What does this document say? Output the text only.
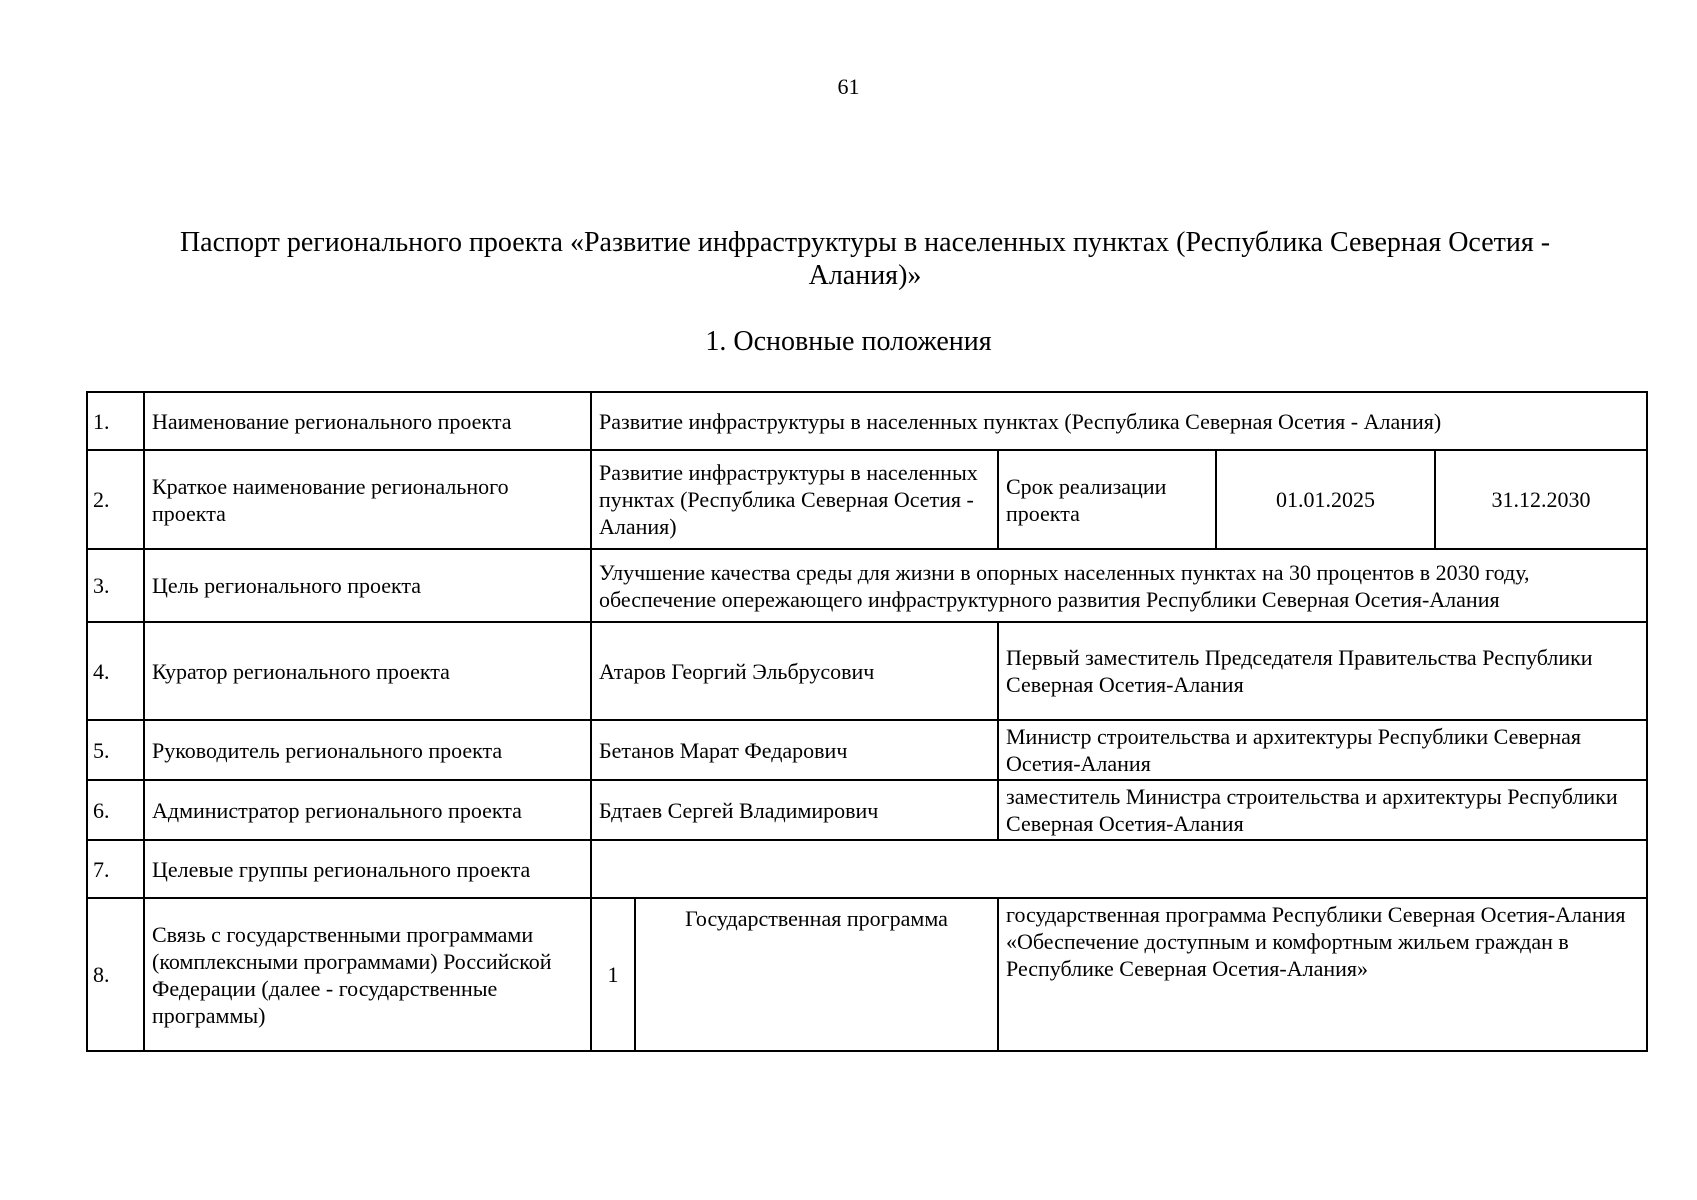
61
Паспорт регионального проекта «Развитие инфраструктуры в населенных пунктах (Республика Северная Осетия - Алания)»
1. Основные положения
1.	Наименование регионального проекта	Развитие инфраструктуры в населенных пунктах (Республика Северная Осетия - Алания)				
2.	Краткое наименование регионального проекта	Развитие инфраструктуры в населенных пунктах (Республика Северная Осетия - Алания)		Срок реализации проекта	01.01.2025	31.12.2030
3.	Цель регионального проекта	Улучшение качества среды для жизни в опорных населенных пунктах на 30 процентов в 2030 году, обеспечение опережающего инфраструктурного развития Республики Северная Осетия-Алания				
4.	Куратор регионального проекта	Атаров Георгий Эльбрусович		Первый заместитель Председателя Правительства Республики Северная Осетия-Алания		
5.	Руководитель регионального проекта	Бетанов Марат Федарович		Министр строительства и архитектуры Республики Северная Осетия-Алания		
6.	Администратор регионального проекта	Бдтаев Сергей Владимирович		заместитель Министра строительства и архитектуры Республики Северная Осетия-Алания		
7.	Целевые группы регионального проекта					
8.	Связь с государственными программами (комплексными программами) Российской Федерации (далее - государственные программы)	1	Государственная программа	государственная программа Республики Северная Осетия-Алания «Обеспечение доступным и комфортным жильем граждан в Республике Северная Осетия-Алания»		
